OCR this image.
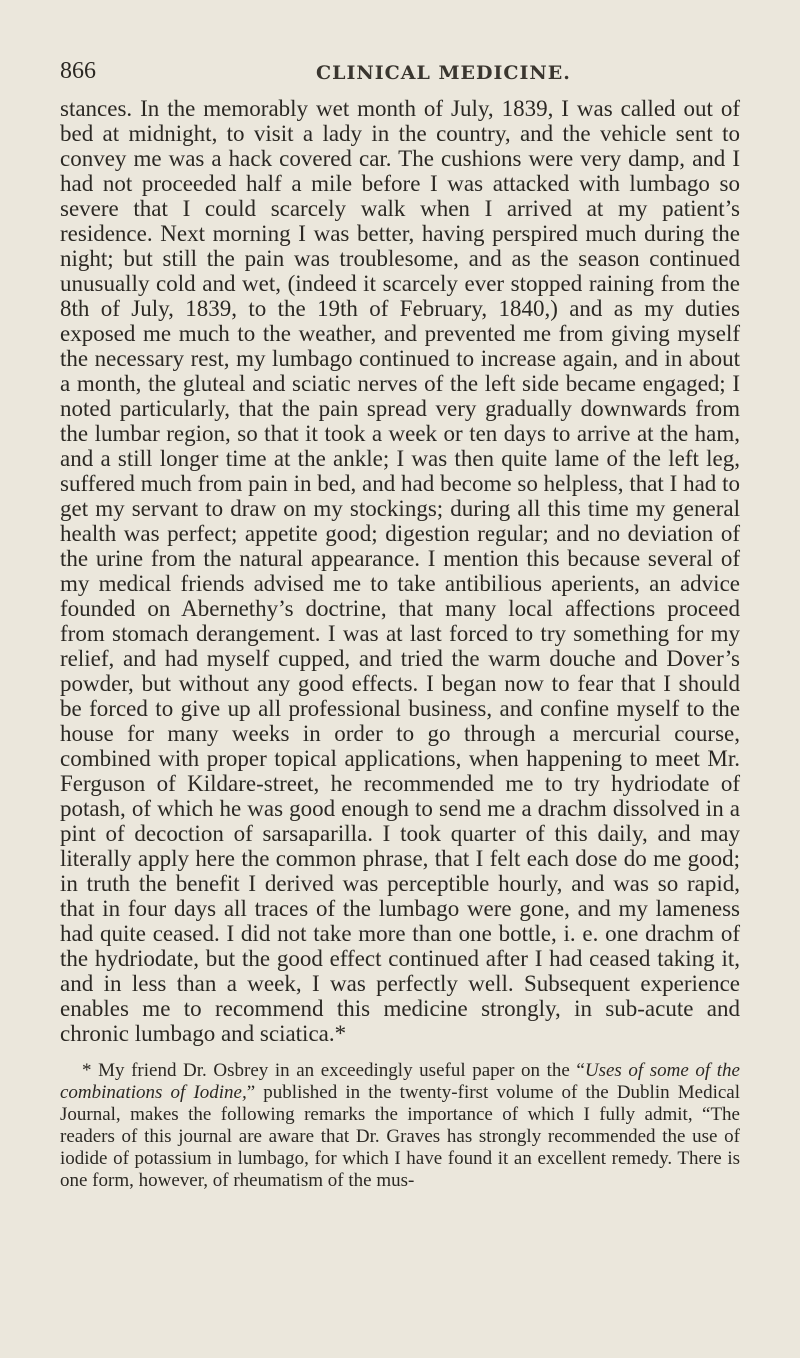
866	CLINICAL MEDICINE.

stances. In the memorably wet month of July, 1839, I was called out of bed at midnight, to visit a lady in the country, and the vehicle sent to convey me was a hack covered car. The cushions were very damp, and I had not proceeded half a mile before I was attacked with lumbago so severe that I could scarcely walk when I arrived at my patient’s residence. Next morning I was better, having perspired much during the night; but still the pain was troublesome, and as the season continued unusually cold and wet, (indeed it scarcely ever stopped raining from the 8th of July, 1839, to the 19th of February, 1840,) and as my duties exposed me much to the weather, and prevented me from giving myself the necessary rest, my lumbago continued to increase again, and in about a month, the gluteal and sciatic nerves of the left side became engaged; I noted particularly, that the pain spread very gradually downwards from the lumbar region, so that it took a week or ten days to arrive at the ham, and a still longer time at the ankle; I was then quite lame of the left leg, suffered much from pain in bed, and had become so helpless, that I had to get my servant to draw on my stockings; during all this time my general health was perfect; appetite good; digestion regular; and no deviation of the urine from the natural appearance. I mention this because several of my medical friends advised me to take antibilious aperients, an advice founded on Abernethy’s doctrine, that many local affections proceed from stomach derangement. I was at last forced to try something for my relief, and had myself cupped, and tried the warm douche and Dover’s powder, but without any good effects. I began now to fear that I should be forced to give up all professional business, and confine myself to the house for many weeks in order to go through a mercurial course, combined with proper topical applications, when happening to meet Mr. Ferguson of Kildare-street, he recommended me to try hydriodate of potash, of which he was good enough to send me a drachm dissolved in a pint of decoction of sarsaparilla. I took quarter of this daily, and may literally apply here the common phrase, that I felt each dose do me good; in truth the benefit I derived was perceptible hourly, and was so rapid, that in four days all traces of the lumbago were gone, and my lameness had quite ceased. I did not take more than one bottle, i. e. one drachm of the hydriodate, but the good effect continued after I had ceased taking it, and in less than a week, I was perfectly well. Subsequent experience enables me to recommend this medicine strongly, in sub-acute and chronic lumbago and sciatica.*

* My friend Dr. Osbrey in an exceedingly useful paper on the “Uses of some of the combinations of Iodine,” published in the twenty-first volume of the Dublin Medical Journal, makes the following remarks the importance of which I fully admit, “The readers of this journal are aware that Dr. Graves has strongly recommended the use of iodide of potassium in lumbago, for which I have found it an excellent remedy. There is one form, however, of rheumatism of the mus-
